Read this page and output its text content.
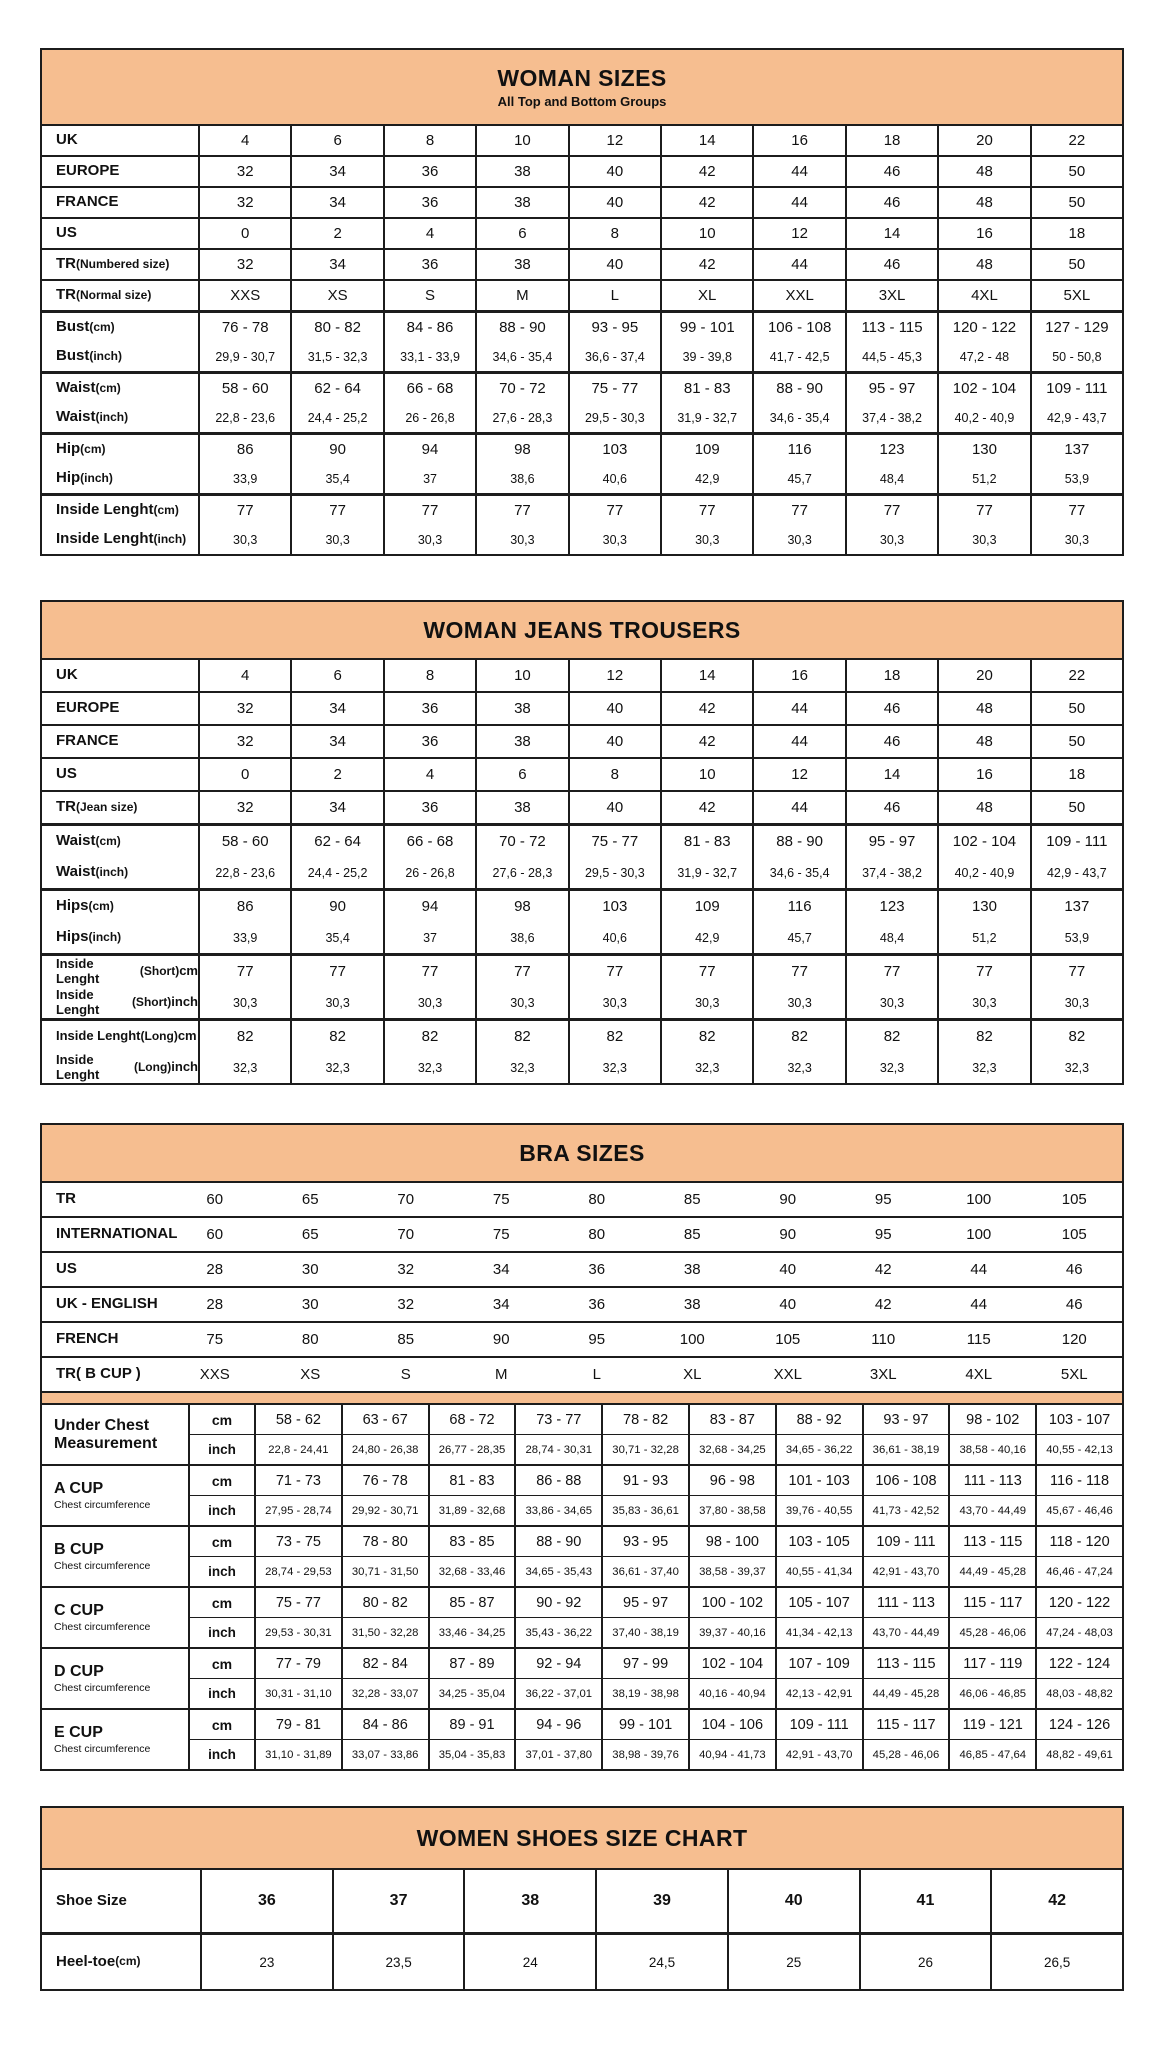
WOMAN SIZES
All Top and Bottom Groups
UK	4	6	8	10	12	14	16	18	20	22
EUROPE	32	34	36	38	40	42	44	46	48	50
FRANCE	32	34	36	38	40	42	44	46	48	50
US	0	2	4	6	8	10	12	14	16	18
TR (Numbered size)	32	34	36	38	40	42	44	46	48	50
TR (Normal size)	XXS	XS	S	M	L	XL	XXL	3XL	4XL	5XL
Bust (cm)	76 - 78	80 - 82	84 - 86	88 - 90	93 - 95	99 - 101	106 - 108	113 - 115	120 - 122	127 - 129
Bust (inch)	29,9 - 30,7	31,5 - 32,3	33,1 - 33,9	34,6 - 35,4	36,6 - 37,4	39 - 39,8	41,7 - 42,5	44,5 - 45,3	47,2 - 48	50 - 50,8
Waist (cm)	58 - 60	62 - 64	66 - 68	70 - 72	75 - 77	81 - 83	88 - 90	95 - 97	102 - 104	109 - 111
Waist (inch)	22,8 - 23,6	24,4 - 25,2	26 - 26,8	27,6 - 28,3	29,5 - 30,3	31,9 - 32,7	34,6 - 35,4	37,4 - 38,2	40,2 - 40,9	42,9 - 43,7
Hip (cm)	86	90	94	98	103	109	116	123	130	137
Hip (inch)	33,9	35,4	37	38,6	40,6	42,9	45,7	48,4	51,2	53,9
Inside Lenght (cm)	77	77	77	77	77	77	77	77	77	77
Inside Lenght (inch)	30,3	30,3	30,3	30,3	30,3	30,3	30,3	30,3	30,3	30,3
WOMAN JEANS TROUSERS
UK	4	6	8	10	12	14	16	18	20	22
EUROPE	32	34	36	38	40	42	44	46	48	50
FRANCE	32	34	36	38	40	42	44	46	48	50
US	0	2	4	6	8	10	12	14	16	18
TR (Jean size)	32	34	36	38	40	42	44	46	48	50
Waist (cm)	58 - 60	62 - 64	66 - 68	70 - 72	75 - 77	81 - 83	88 - 90	95 - 97	102 - 104	109 - 111
Waist (inch)	22,8 - 23,6	24,4 - 25,2	26 - 26,8	27,6 - 28,3	29,5 - 30,3	31,9 - 32,7	34,6 - 35,4	37,4 - 38,2	40,2 - 40,9	42,9 - 43,7
Hips (cm)	86	90	94	98	103	109	116	123	130	137
Hips (inch)	33,9	35,4	37	38,6	40,6	42,9	45,7	48,4	51,2	53,9
Inside Lenght	(Short) cm	77	77	77	77	77	77	77	77	77	77
Inside Lenght	(Short) inch	30,3	30,3	30,3	30,3	30,3	30,3	30,3	30,3	30,3	30,3
Inside Lenght (Long) cm	82	82	82	82	82	82	82	82	82	82
Inside Lenght	(Long) inch	32,3	32,3	32,3	32,3	32,3	32,3	32,3	32,3	32,3	32,3
BRA SIZES
TR	60	65	70	75	80	85	90	95	100	105
INTERNATIONAL	60	65	70	75	80	85	90	95	100	105
US	28	30	32	34	36	38	40	42	44	46
UK - ENGLISH	28	30	32	34	36	38	40	42	44	46
FRENCH	75	80	85	90	95	100	105	110	115	120
TR ( B CUP )	XXS	XS	S	M	L	XL	XXL	3XL	4XL	5XL
Under Chest Measurement
cm	58 - 62	63 - 67	68 - 72	73 - 77	78 - 82	83 - 87	88 - 92	93 - 97	98 - 102	103 - 107
inch	22,8 - 24,41	24,80 - 26,38	26,77 - 28,35	28,74 - 30,31	30,71 - 32,28	32,68 - 34,25	34,65 - 36,22	36,61 - 38,19	38,58 - 40,16	40,55 - 42,13
A CUP
Chest circumference
cm	71 - 73	76 - 78	81 - 83	86 - 88	91 - 93	96 - 98	101 - 103	106 - 108	111 - 113	116 - 118
inch	27,95 - 28,74	29,92 - 30,71	31,89 - 32,68	33,86 - 34,65	35,83 - 36,61	37,80 - 38,58	39,76 - 40,55	41,73 - 42,52	43,70 - 44,49	45,67 - 46,46
B CUP
Chest circumference
cm	73 - 75	78 - 80	83 - 85	88 - 90	93 - 95	98 - 100	103 - 105	109 - 111	113 - 115	118 - 120
inch	28,74 - 29,53	30,71 - 31,50	32,68 - 33,46	34,65 - 35,43	36,61 - 37,40	38,58 - 39,37	40,55 - 41,34	42,91 - 43,70	44,49 - 45,28	46,46 - 47,24
C CUP
Chest circumference
cm	75 - 77	80 - 82	85 - 87	90 - 92	95 - 97	100 - 102	105 - 107	111 - 113	115 - 117	120 - 122
inch	29,53 - 30,31	31,50 - 32,28	33,46 - 34,25	35,43 - 36,22	37,40 - 38,19	39,37 - 40,16	41,34 - 42,13	43,70 - 44,49	45,28 - 46,06	47,24 - 48,03
D CUP
Chest circumference
cm	77 - 79	82 - 84	87 - 89	92 - 94	97 - 99	102 - 104	107 - 109	113 - 115	117 - 119	122 - 124
inch	30,31 - 31,10	32,28 - 33,07	34,25 - 35,04	36,22 - 37,01	38,19 - 38,98	40,16 - 40,94	42,13 - 42,91	44,49 - 45,28	46,06 - 46,85	48,03 - 48,82
E CUP
Chest circumference
cm	79 - 81	84 - 86	89 - 91	94 - 96	99 - 101	104 - 106	109 - 111	115 - 117	119 - 121	124 - 126
inch	31,10 - 31,89	33,07 - 33,86	35,04 - 35,83	37,01 - 37,80	38,98 - 39,76	40,94 - 41,73	42,91 - 43,70	45,28 - 46,06	46,85 - 47,64	48,82 - 49,61
WOMEN SHOES SIZE CHART
Shoe Size	36	37	38	39	40	41	42
Heel-toe (cm)	23	23,5	24	24,5	25	26	26,5
